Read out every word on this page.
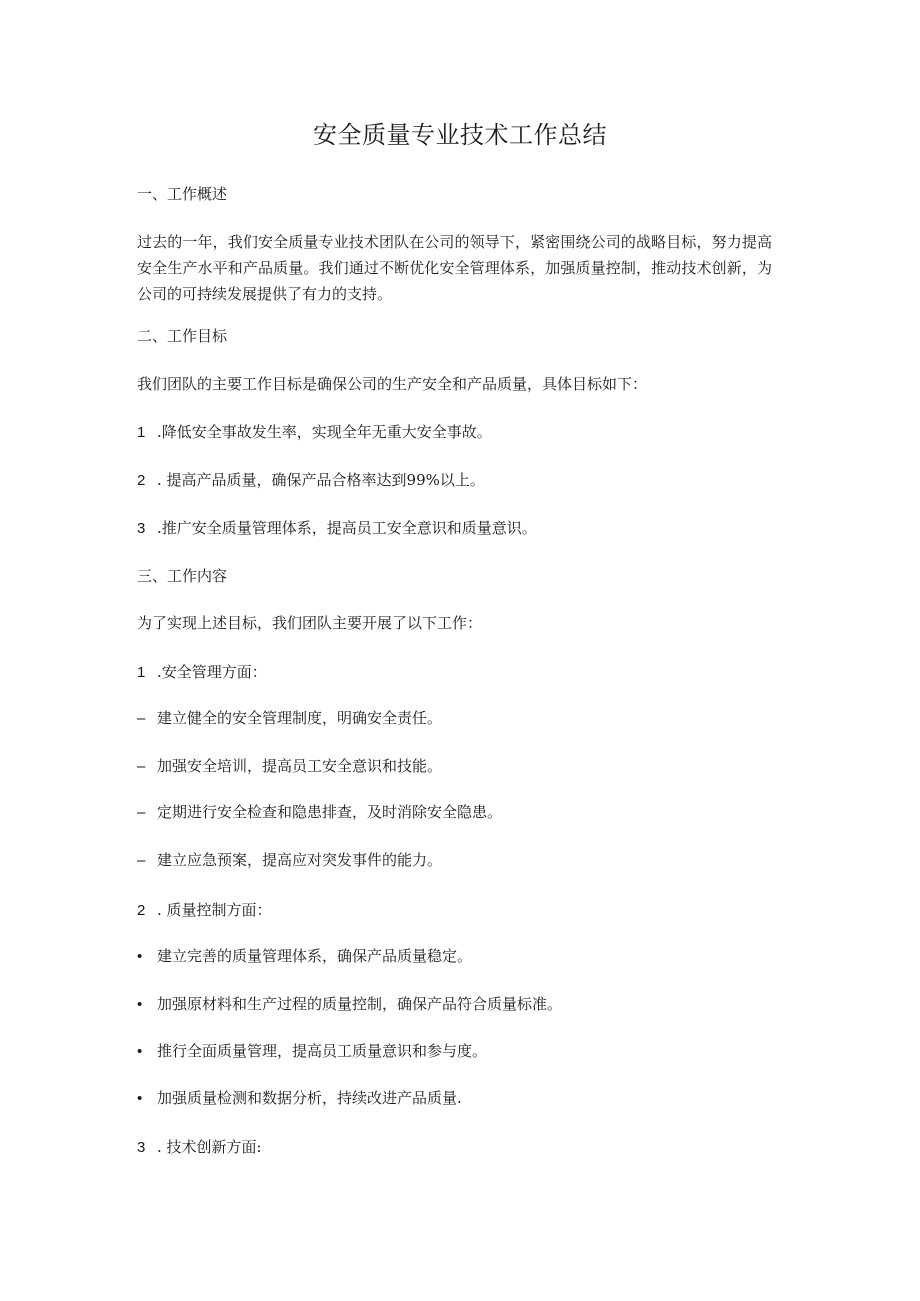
安全质量专业技术工作总结
一、工作概述
过去的一年，我们安全质量专业技术团队在公司的领导下，紧密围绕公司的战略目标，努力提高安全生产水平和产品质量。我们通过不断优化安全管理体系，加强质量控制，推动技术创新，为公司的可持续发展提供了有力的支持。
二、工作目标
我们团队的主要工作目标是确保公司的生产安全和产品质量，具体目标如下：
1 .降低安全事故发生率，实现全年无重大安全事故。
2 . 提高产品质量，确保产品合格率达到99%以上。
3 .推广安全质量管理体系，提高员工安全意识和质量意识。
三、工作内容
为了实现上述目标，我们团队主要开展了以下工作：
1 .安全管理方面：
– 建立健全的安全管理制度，明确安全责任。
– 加强安全培训，提高员工安全意识和技能。
– 定期进行安全检查和隐患排查，及时消除安全隐患。
– 建立应急预案，提高应对突发事件的能力。
2 . 质量控制方面：
• 建立完善的质量管理体系，确保产品质量稳定。
• 加强原材料和生产过程的质量控制，确保产品符合质量标准。
• 推行全面质量管理，提高员工质量意识和参与度。
• 加强质量检测和数据分析，持续改进产品质量.
3 . 技术创新方面:
